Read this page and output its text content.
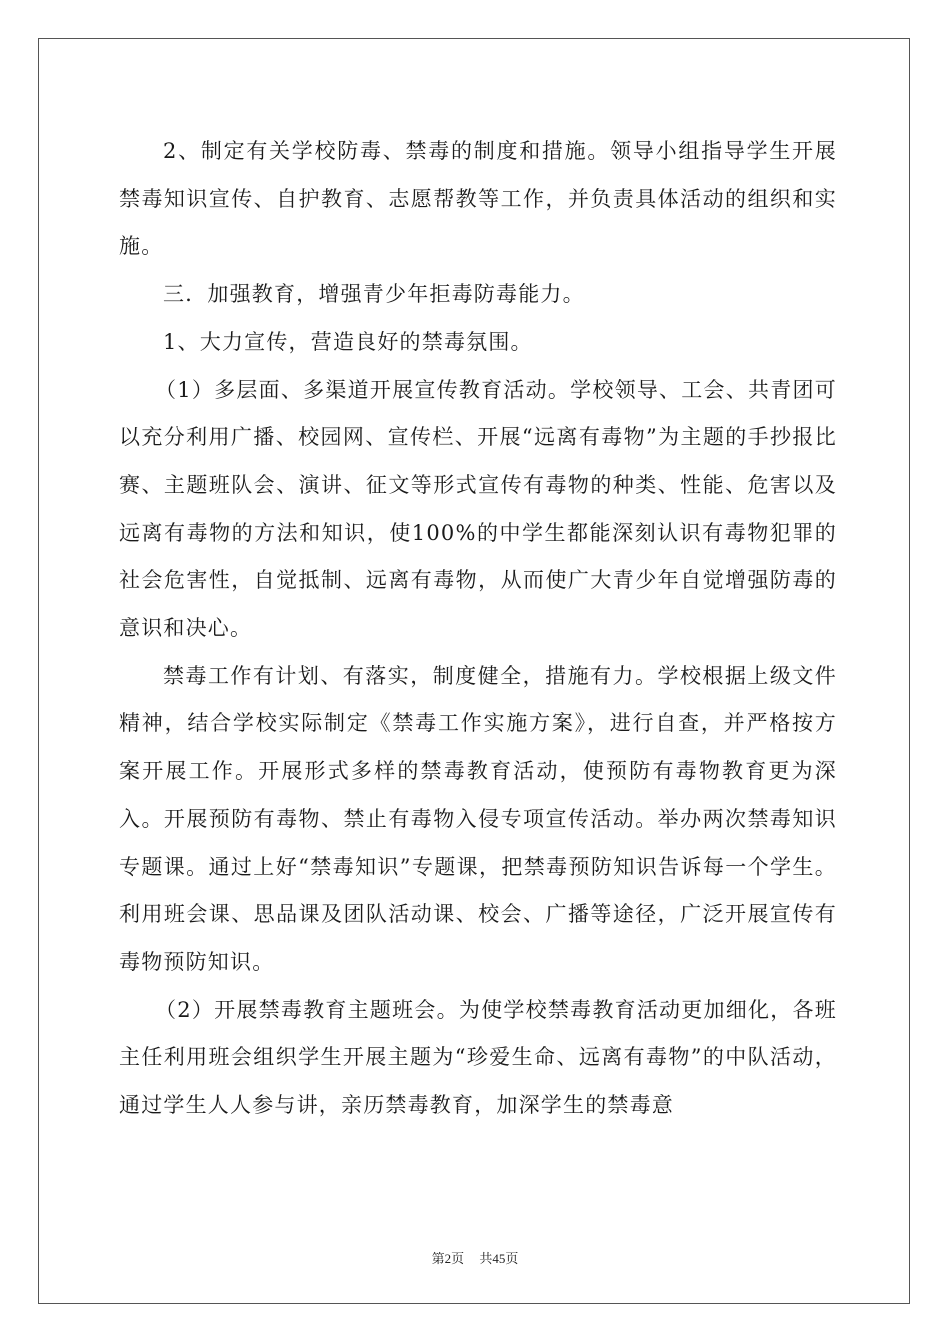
2、制定有关学校防毒、禁毒的制度和措施。领导小组指导学生开展禁毒知识宣传、自护教育、志愿帮教等工作，并负责具体活动的组织和实施。

三．加强教育，增强青少年拒毒防毒能力。

1、大力宣传，营造良好的禁毒氛围。

（1）多层面、多渠道开展宣传教育活动。学校领导、工会、共青团可以充分利用广播、校园网、宣传栏、开展“远离有毒物”为主题的手抄报比赛、主题班队会、演讲、征文等形式宣传有毒物的种类、性能、危害以及远离有毒物的方法和知识，使100%的中学生都能深刻认识有毒物犯罪的社会危害性，自觉抵制、远离有毒物，从而使广大青少年自觉增强防毒的意识和决心。

禁毒工作有计划、有落实，制度健全，措施有力。学校根据上级文件精神，结合学校实际制定《禁毒工作实施方案》，进行自查，并严格按方案开展工作。开展形式多样的禁毒教育活动，使预防有毒物教育更为深入。开展预防有毒物、禁止有毒物入侵专项宣传活动。举办两次禁毒知识专题课。通过上好“禁毒知识”专题课，把禁毒预防知识告诉每一个学生。利用班会课、思品课及团队活动课、校会、广播等途径，广泛开展宣传有毒物预防知识。

（2）开展禁毒教育主题班会。为使学校禁毒教育活动更加细化，各班主任利用班会组织学生开展主题为“珍爱生命、远离有毒物”的中队活动，通过学生人人参与讲，亲历禁毒教育，加深学生的禁毒意

第2页 共45页
